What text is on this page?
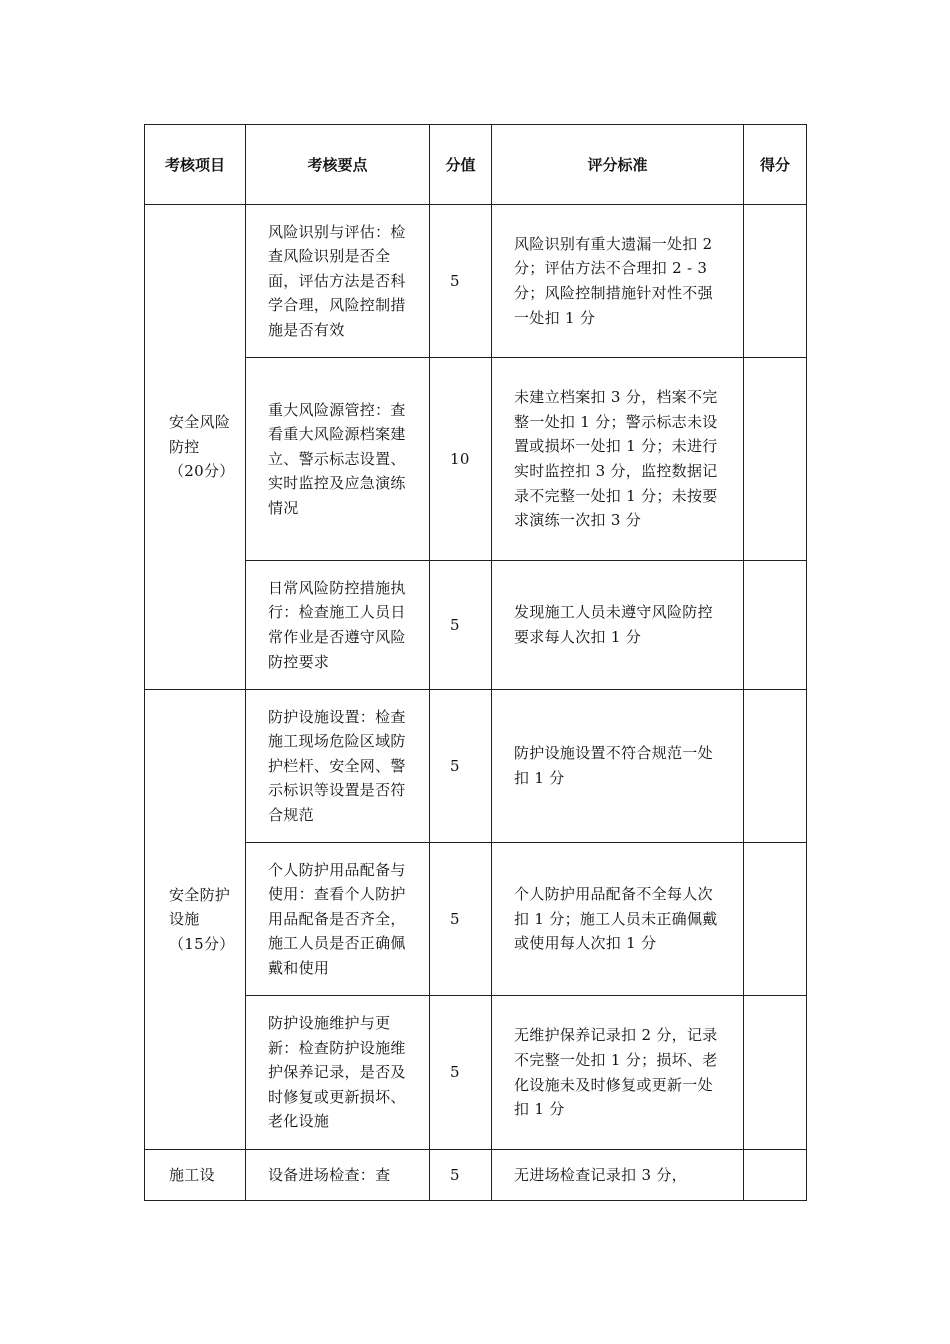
考核项目	考核要点	分值	评分标准	得分

安全风险防控（20分）	风险识别与评估：检查风险识别是否全面，评估方法是否科学合理，风险控制措施是否有效	5	风险识别有重大遗漏一处扣 2 分；评估方法不合理扣 2 - 3 分；风险控制措施针对性不强一处扣 1 分	

	重大风险源管控：查看重大风险源档案建立、警示标志设置、实时监控及应急演练情况	10	未建立档案扣 3 分，档案不完整一处扣 1 分；警示标志未设置或损坏一处扣 1 分；未进行实时监控扣 3 分，监控数据记录不完整一处扣 1 分；未按要求演练一次扣 3 分	

	日常风险防控措施执行：检查施工人员日常作业是否遵守风险防控要求	5	发现施工人员未遵守风险防控要求每人次扣 1 分	

安全防护设施（15分）	防护设施设置：检查施工现场危险区域防护栏杆、安全网、警示标识等设置是否符合规范	5	防护设施设置不符合规范一处扣 1 分	

	个人防护用品配备与使用：查看个人防护用品配备是否齐全，施工人员是否正确佩戴和使用	5	个人防护用品配备不全每人次扣 1 分；施工人员未正确佩戴或使用每人次扣 1 分	

	防护设施维护与更新：检查防护设施维护保养记录，是否及时修复或更新损坏、老化设施	5	无维护保养记录扣 2 分，记录不完整一处扣 1 分；损坏、老化设施未及时修复或更新一处扣 1 分	

施工设	设备进场检查：查	5	无进场检查记录扣 3 分，	
